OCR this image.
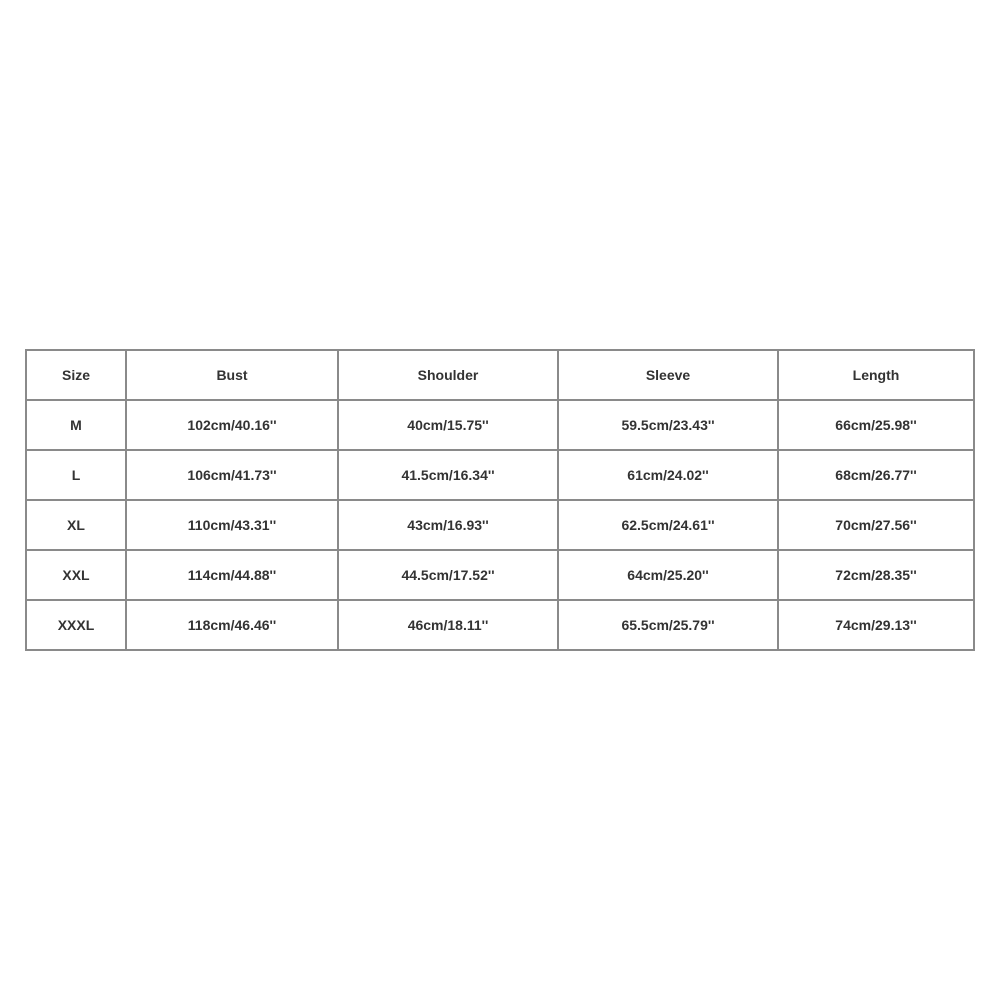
Size	Bust	Shoulder	Sleeve	Length
M	102cm/40.16''	40cm/15.75''	59.5cm/23.43''	66cm/25.98''
L	106cm/41.73''	41.5cm/16.34''	61cm/24.02''	68cm/26.77''
XL	110cm/43.31''	43cm/16.93''	62.5cm/24.61''	70cm/27.56''
XXL	114cm/44.88''	44.5cm/17.52''	64cm/25.20''	72cm/28.35''
XXXL	118cm/46.46''	46cm/18.11''	65.5cm/25.79''	74cm/29.13''
